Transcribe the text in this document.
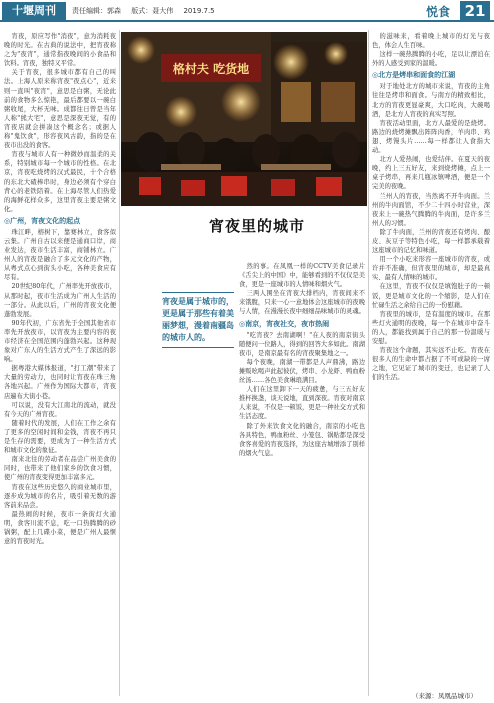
十堰周刊	责任编辑：郭森 版式：聂大伟 2019.7.5	悦食 21

宵夜，原应写作"消夜"，意为消耗夜晚的时光。在古典的说法中，把宵夜称之为"夜宵"，通常指夜晚间的小食品和饮料。宵夜，独特又平常。

关于宵夜，很多城市都有自己的叫法。上海人原来称宵夜"夜点心"，近来则一直叫"夜宵"，意思是白粥，无论此前的食物多么惊艳，最后都要以一碗白粥收尾，大杯无味。成都往日曾是当年人称"熊大宅"，意思是深夜无觉，有的宵夜店就会拼凑这个概念名；或据人称"鬼饮食"，形容夜风古韵，指的是在夜市出没的食客。

宵夜与城市人有一种微妙而温柔的关系，特别城市每一个城市的性格。在北京，宵夜吃烧烤的汉式最民，十个合格的东北大碴棒串时，身边必须有个穿白背心的老铁陪着。在上海尽管人们热爱的海鲜花样众多，这里宵夜主要是粥文化。

◎广州，宵夜文化的起点

珠江畔，榕树下，靠赛林立，食客似云集。广州自古以来便是通商口岸，商业发达，夜市生活丰富，商铺林立。广州人的宵夜是融合了多元文化的产物，从粤式点心到街头小吃，各种美食应有尽有。

20世纪80年代，广州率先开放夜市，从那时起，夜市生活成为广州人生活的一部分。从此以后，广州的宵夜文化便蓬勃发展。

90年代初，广东省先于全国其他省市率先开放夜市，以宵夜为主要内容的夜市经济在全国范围内蓬勃兴起。这种现象对广东人的生活方式产生了深远的影响。

据粤港大媒体报道，"打工潮"带来了大量的劳动力，也同时让宵夜在珠三角各地兴起。广州作为国际大都市，宵夜店遍布大街小巷。

可以说，没有大江南北的流动，就没有今天的广州宵夜。

随着时代的发展，人们在工作之余有了更多的空闲时间和金钱，宵夜不再只是生存的需要，更成为了一种生活方式和城市文化的象征。

南来北往的劳动者在品尝广州美食的同时，也带来了他们家乡的饮食习惯，使广州的宵夜变得更加丰富多元。

宵夜在这些历史悠久的商业城市里，逐步成为城市的名片，吸引着无数的游客前来品尝。

最热闹的时候，夜市一条街灯火通明，食客川流不息，吃一口热腾腾的砂锅粥，配上几碟小菜，便是广州人最惬意的宵夜时光。

格村夫 吃货地
宵夜里的城市
宵夜是属于城市的，更是属于那些有着美丽梦想，漫着南疆岛的城市人的。

然的事。在凤凰一样的CCTV美食记录片《舌尖上的中国》中，能够看到的不仅仅是美食，更是一座城市的人情味和烟火气。

三两人围坐在宵夜大排档内，宵夜间来不来饿腹，只来一心一意地体会这座城市的夜晚与人情，在漫漫长夜中细细品味城市的灵魂。

◎南京，宵夜社交，夜市热闹

"吃宵夜？去南湖啊！"在人夜的南京街头随便问一位路人，得到的回答大多如此。南湖夜市，是南京最有名的宵夜聚集地之一。

每个夜晚，南湖一带都是人声鼎沸，路边摊贩吆喝声此起彼伏，烤串、小龙虾、鸭血粉丝汤……各色美食琳琅满目。

人们在这里卸下一天的疲惫，与三五好友推杯换盏，谈天说地，直到深夜。宵夜对南京人来说，不仅是一顿饭，更是一种社交方式和生活态度。

除了外来饮食文化的融合，南京的小吃也各具特色，鸭血粉丝、小笼包、锅贴都是深受食客喜爱的宵夜选择，为这座古城增添了别样的烟火气息。

的滋味来，看着晚上城市的灯光与夜色，体会人生百味。

这样一碗热腾腾的小吃，足以让漂泊在外的人感受到家的温暖。

◎北方是烤串和面食的江湖

对于地处北方的城市来说，宵夜的主角往往是烤串和面食。与南方的精致相比，北方的宵夜更显豪爽，大口吃肉，大碗喝酒，是北方人宵夜的真实写照。

宵夜活动里面，北方人最爱的是烧烤。路边的烧烤摊飘出阵阵肉香，羊肉串、鸡翅、烤馒头片……每一样都让人食指大动。

北方人爱热闹，也爱结伴。在夏天的夜晚，约上三五好友，来到烧烤摊，点上一桌子烤串，再来几瓶冰镇啤酒，便是一个完美的夜晚。

兰州人的宵夜，当然离不开牛肉面。兰州的牛肉面馆，不少二十四小时营业，深夜来上一碗热气腾腾的牛肉面，是许多兰州人的习惯。

除了牛肉面，兰州的宵夜还有烤肉、酿皮、灰豆子等特色小吃，每一样都承载着这座城市的记忆和味道。

用一个小吃来形容一座城市的宵夜，或许并不准确，但宵夜里的城市，却是最真实、最有人情味的城市。

在这里，宵夜不仅仅是填饱肚子的一顿饭，更是城市文化的一个缩影，是人们在忙碌生活之余给自己的一份慰藉。

宵夜里的城市，是有温度的城市。在那些灯火通明的夜晚，每一个在城市中奋斗的人，都能找到属于自己的那一份温暖与安慰。

宵夜这个命题，其实远不止吃。宵夜在很多人的生命中都占据了不可或缺的一席之地，它见证了城市的变迁，也记录了人们的生活。

（来源：凤凰品城市）
